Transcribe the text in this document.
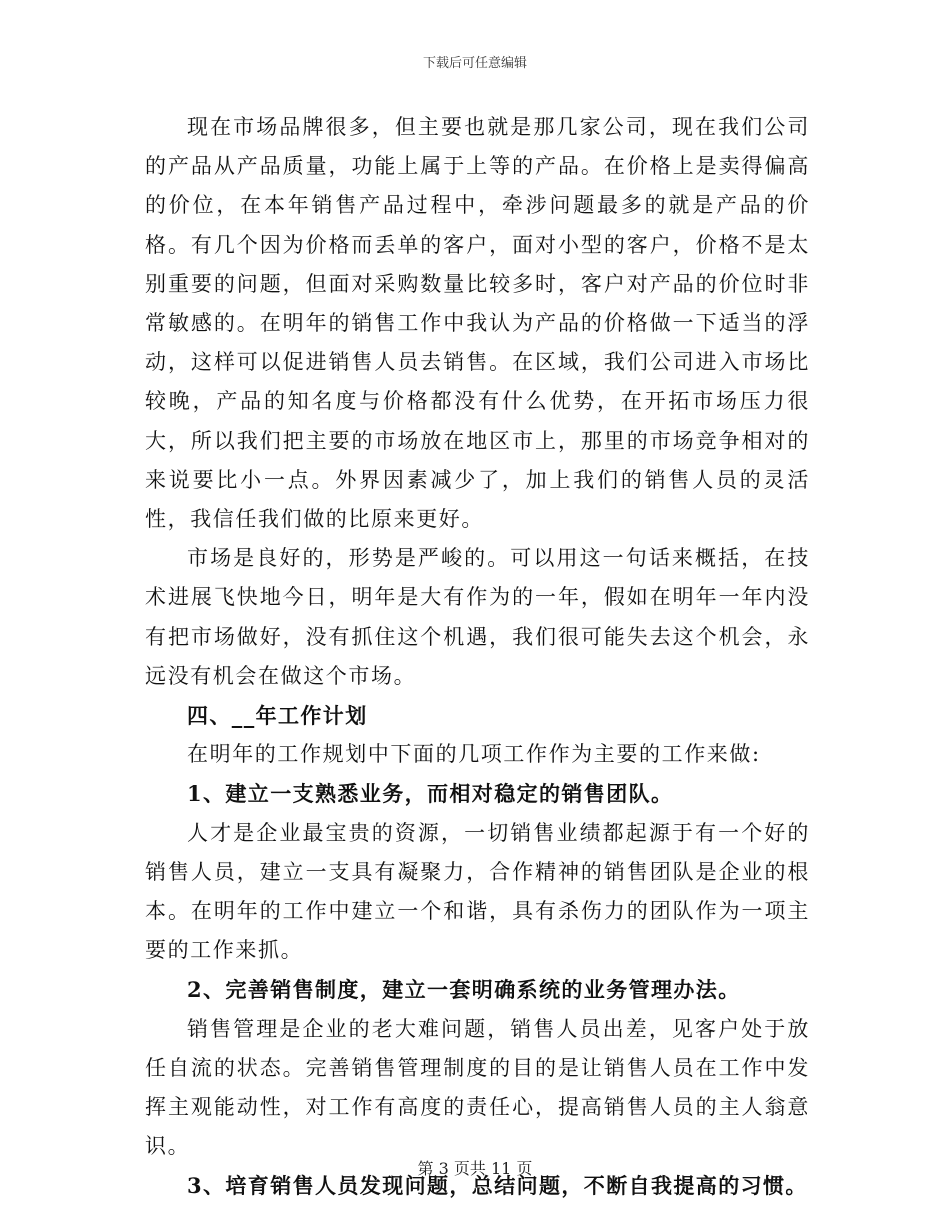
下载后可任意编辑

现在市场品牌很多，但主要也就是那几家公司，现在我们公司的产品从产品质量，功能上属于上等的产品。在价格上是卖得偏高的价位，在本年销售产品过程中，牵涉问题最多的就是产品的价格。有几个因为价格而丢单的客户，面对小型的客户，价格不是太别重要的问题，但面对采购数量比较多时，客户对产品的价位时非常敏感的。在明年的销售工作中我认为产品的价格做一下适当的浮动，这样可以促进销售人员去销售。在区域，我们公司进入市场比较晚，产品的知名度与价格都没有什么优势，在开拓市场压力很大，所以我们把主要的市场放在地区市上，那里的市场竞争相对的来说要比小一点。外界因素减少了，加上我们的销售人员的灵活性，我信任我们做的比原来更好。

市场是良好的，形势是严峻的。可以用这一句话来概括，在技术进展飞快地今日，明年是大有作为的一年，假如在明年一年内没有把市场做好，没有抓住这个机遇，我们很可能失去这个机会，永远没有机会在做这个市场。

四、__年工作计划

在明年的工作规划中下面的几项工作作为主要的工作来做:

1、建立一支熟悉业务，而相对稳定的销售团队。

人才是企业最宝贵的资源，一切销售业绩都起源于有一个好的销售人员，建立一支具有凝聚力，合作精神的销售团队是企业的根本。在明年的工作中建立一个和谐，具有杀伤力的团队作为一项主要的工作来抓。

2、完善销售制度，建立一套明确系统的业务管理办法。

销售管理是企业的老大难问题，销售人员出差，见客户处于放任自流的状态。完善销售管理制度的目的是让销售人员在工作中发挥主观能动性，对工作有高度的责任心，提高销售人员的主人翁意识。

3、培育销售人员发现问题，总结问题，不断自我提高的习惯。

第 3 页共 11 页
